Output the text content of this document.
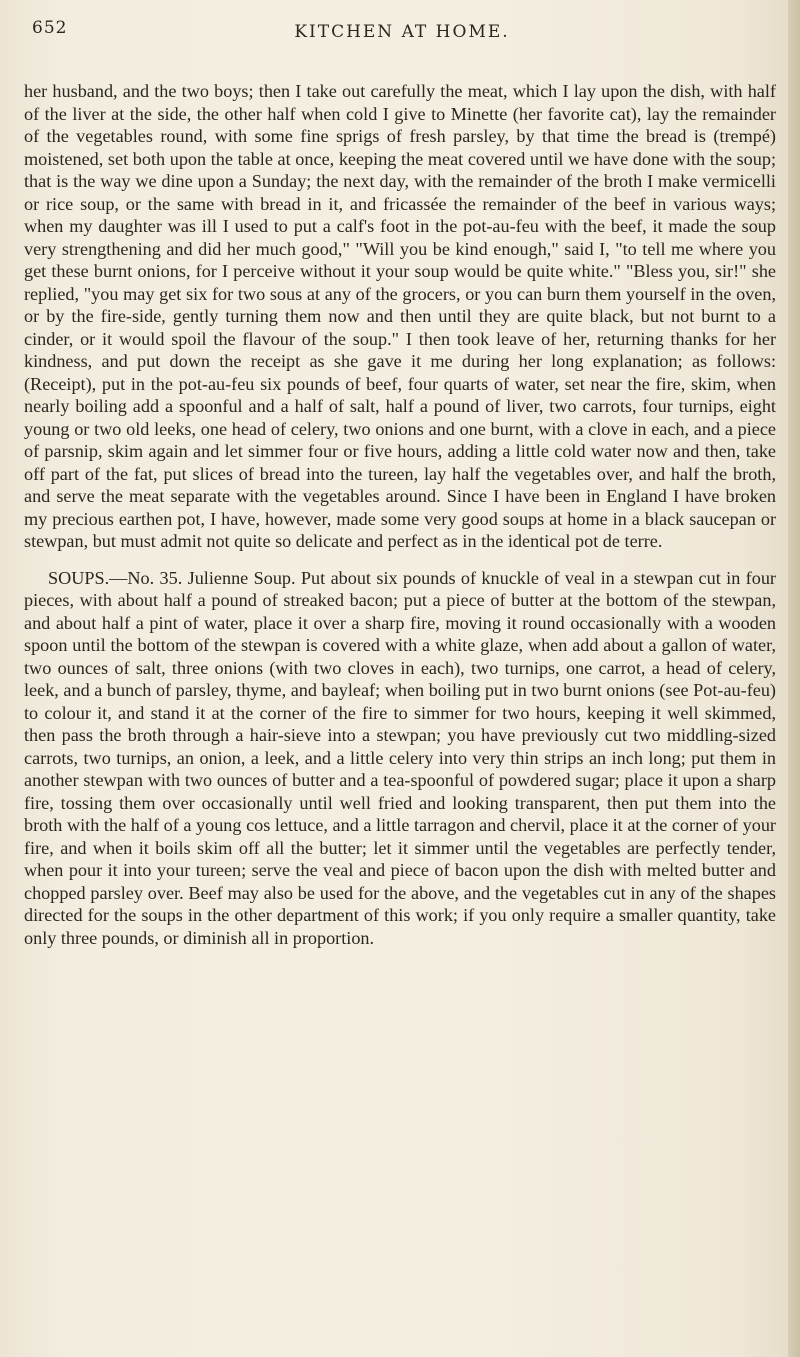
652	KITCHEN AT HOME.

her husband, and the two boys; then I take out carefully the meat, which I lay upon the dish, with half of the liver at the side, the other half when cold I give to Minette (her favorite cat), lay the remainder of the vegetables round, with some fine sprigs of fresh parsley, by that time the bread is (trempé) moistened, set both upon the table at once, keeping the meat covered until we have done with the soup; that is the way we dine upon a Sunday; the next day, with the remainder of the broth I make vermicelli or rice soup, or the same with bread in it, and fricassée the remainder of the beef in various ways; when my daughter was ill I used to put a calf's foot in the pot-au-feu with the beef, it made the soup very strengthening and did her much good," "Will you be kind enough," said I, "to tell me where you get these burnt onions, for I perceive without it your soup would be quite white." "Bless you, sir!" she replied, "you may get six for two sous at any of the grocers, or you can burn them yourself in the oven, or by the fire-side, gently turning them now and then until they are quite black, but not burnt to a cinder, or it would spoil the flavour of the soup." I then took leave of her, returning thanks for her kindness, and put down the receipt as she gave it me during her long explanation; as follows: (Receipt), put in the pot-au-feu six pounds of beef, four quarts of water, set near the fire, skim, when nearly boiling add a spoonful and a half of salt, half a pound of liver, two carrots, four turnips, eight young or two old leeks, one head of celery, two onions and one burnt, with a clove in each, and a piece of parsnip, skim again and let simmer four or five hours, adding a little cold water now and then, take off part of the fat, put slices of bread into the tureen, lay half the vegetables over, and half the broth, and serve the meat separate with the vegetables around. Since I have been in England I have broken my precious earthen pot, I have, however, made some very good soups at home in a black saucepan or stewpan, but must admit not quite so delicate and perfect as in the identical pot de terre.

SOUPS.—No. 35. Julienne Soup. Put about six pounds of knuckle of veal in a stewpan cut in four pieces, with about half a pound of streaked bacon; put a piece of butter at the bottom of the stewpan, and about half a pint of water, place it over a sharp fire, moving it round occasionally with a wooden spoon until the bottom of the stewpan is covered with a white glaze, when add about a gallon of water, two ounces of salt, three onions (with two cloves in each), two turnips, one carrot, a head of celery, leek, and a bunch of parsley, thyme, and bayleaf; when boiling put in two burnt onions (see Pot-au-feu) to colour it, and stand it at the corner of the fire to simmer for two hours, keeping it well skimmed, then pass the broth through a hair-sieve into a stewpan; you have previously cut two middling-sized carrots, two turnips, an onion, a leek, and a little celery into very thin strips an inch long; put them in another stewpan with two ounces of butter and a tea-spoonful of powdered sugar; place it upon a sharp fire, tossing them over occasionally until well fried and looking transparent, then put them into the broth with the half of a young cos lettuce, and a little tarragon and chervil, place it at the corner of your fire, and when it boils skim off all the butter; let it simmer until the vegetables are perfectly tender, when pour it into your tureen; serve the veal and piece of bacon upon the dish with melted butter and chopped parsley over. Beef may also be used for the above, and the vegetables cut in any of the shapes directed for the soups in the other department of this work; if you only require a smaller quantity, take only three pounds, or diminish all in proportion.
